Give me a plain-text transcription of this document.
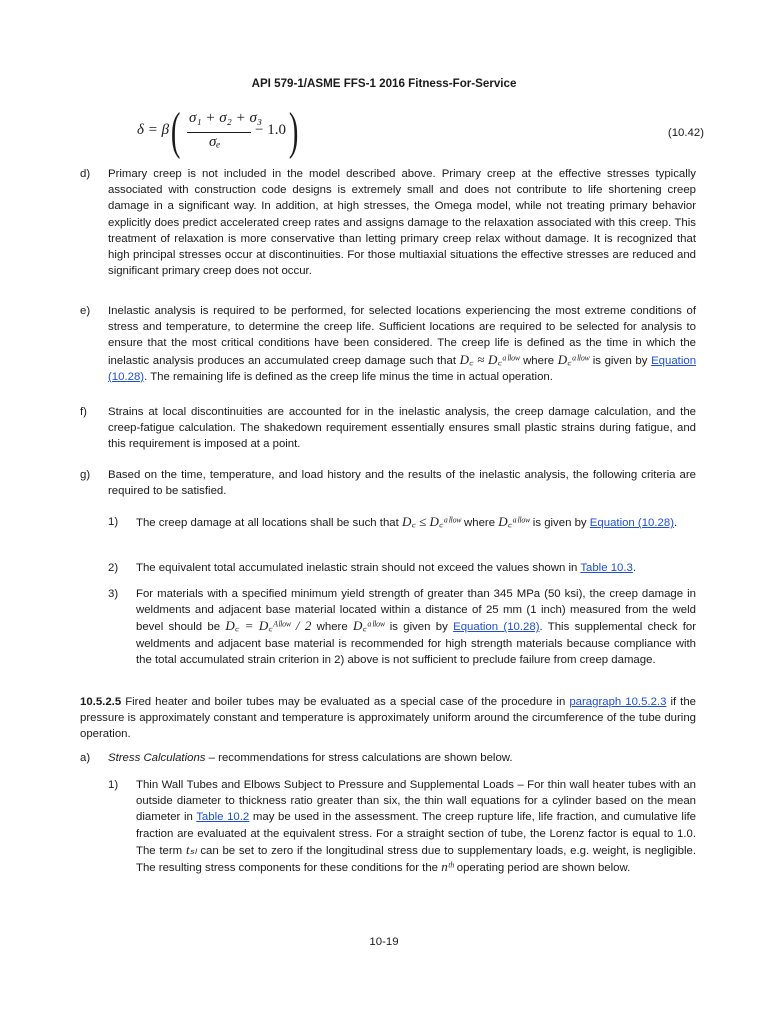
API 579-1/ASME FFS-1 2016 Fitness-For-Service
δ = β ( σ₁ + σ₂ + σ₃
σₑ
− 1.0 )	(10.42)
d) Primary creep is not included in the model described above. Primary creep at the effective stresses typically associated with construction code designs is extremely small and does not contribute to life shortening creep damage in a significant way. In addition, at high stresses, the Omega model, while not treating primary behavior explicitly does predict accelerated creep rates and assigns damage to the relaxation associated with this creep. This treatment of relaxation is more conservative than letting primary creep relax without damage. It is recognized that high principal stresses occur at discontinuities. For those multiaxial situations the effective stresses are reduced and significant primary creep does not occur.

e) Inelastic analysis is required to be performed, for selected locations experiencing the most extreme conditions of stress and temperature, to determine the creep life. Sufficient locations are required to be selected for analysis to ensure that the most critical conditions have been considered. The creep life is defined as the time in which the inelastic analysis produces an accumulated creep damage such that D꜀ ≈ D꜀ᵃˡˡᵒʷ where D꜀ᵃˡˡᵒʷ is given by Equation (10.28). The remaining life is defined as the creep life minus the time in actual operation.

f) Strains at local discontinuities are accounted for in the inelastic analysis, the creep damage calculation, and the creep-fatigue calculation. The shakedown requirement essentially ensures small plastic strains during fatigue, and this requirement is imposed at a point.

g) Based on the time, temperature, and load history and the results of the inelastic analysis, the following criteria are required to be satisfied.

1) The creep damage at all locations shall be such that D꜀ ≤ D꜀ᵃˡˡᵒʷ where D꜀ᵃˡˡᵒʷ is given by Equation (10.28).

2) The equivalent total accumulated inelastic strain should not exceed the values shown in Table 10.3.

3) For materials with a specified minimum yield strength of greater than 345 MPa (50 ksi), the creep damage in weldments and adjacent base material located within a distance of 25 mm (1 inch) measured from the weld bevel should be D꜀ = D꜀ᴬˡˡᵒʷ / 2 where D꜀ᵃˡˡᵒʷ is given by Equation (10.28). This supplemental check for weldments and adjacent base material is recommended for high strength materials because compliance with the total accumulated strain criterion in 2) above is not sufficient to preclude failure from creep damage.

10.5.2.5 Fired heater and boiler tubes may be evaluated as a special case of the procedure in paragraph 10.5.2.3 if the pressure is approximately constant and temperature is approximately uniform around the circumference of the tube during operation.

a) Stress Calculations – recommendations for stress calculations are shown below.

1) Thin Wall Tubes and Elbows Subject to Pressure and Supplemental Loads – For thin wall heater tubes with an outside diameter to thickness ratio greater than six, the thin wall equations for a cylinder based on the mean diameter in Table 10.2 may be used in the assessment. The creep rupture life, life fraction, and cumulative life fraction are evaluated at the equivalent stress. For a straight section of tube, the Lorenz factor is equal to 1.0. The term tₛₗ can be set to zero if the longitudinal stress due to supplementary loads, e.g. weight, is negligible. The resulting stress components for these conditions for the nᵗʰ operating period are shown below.

10-19
